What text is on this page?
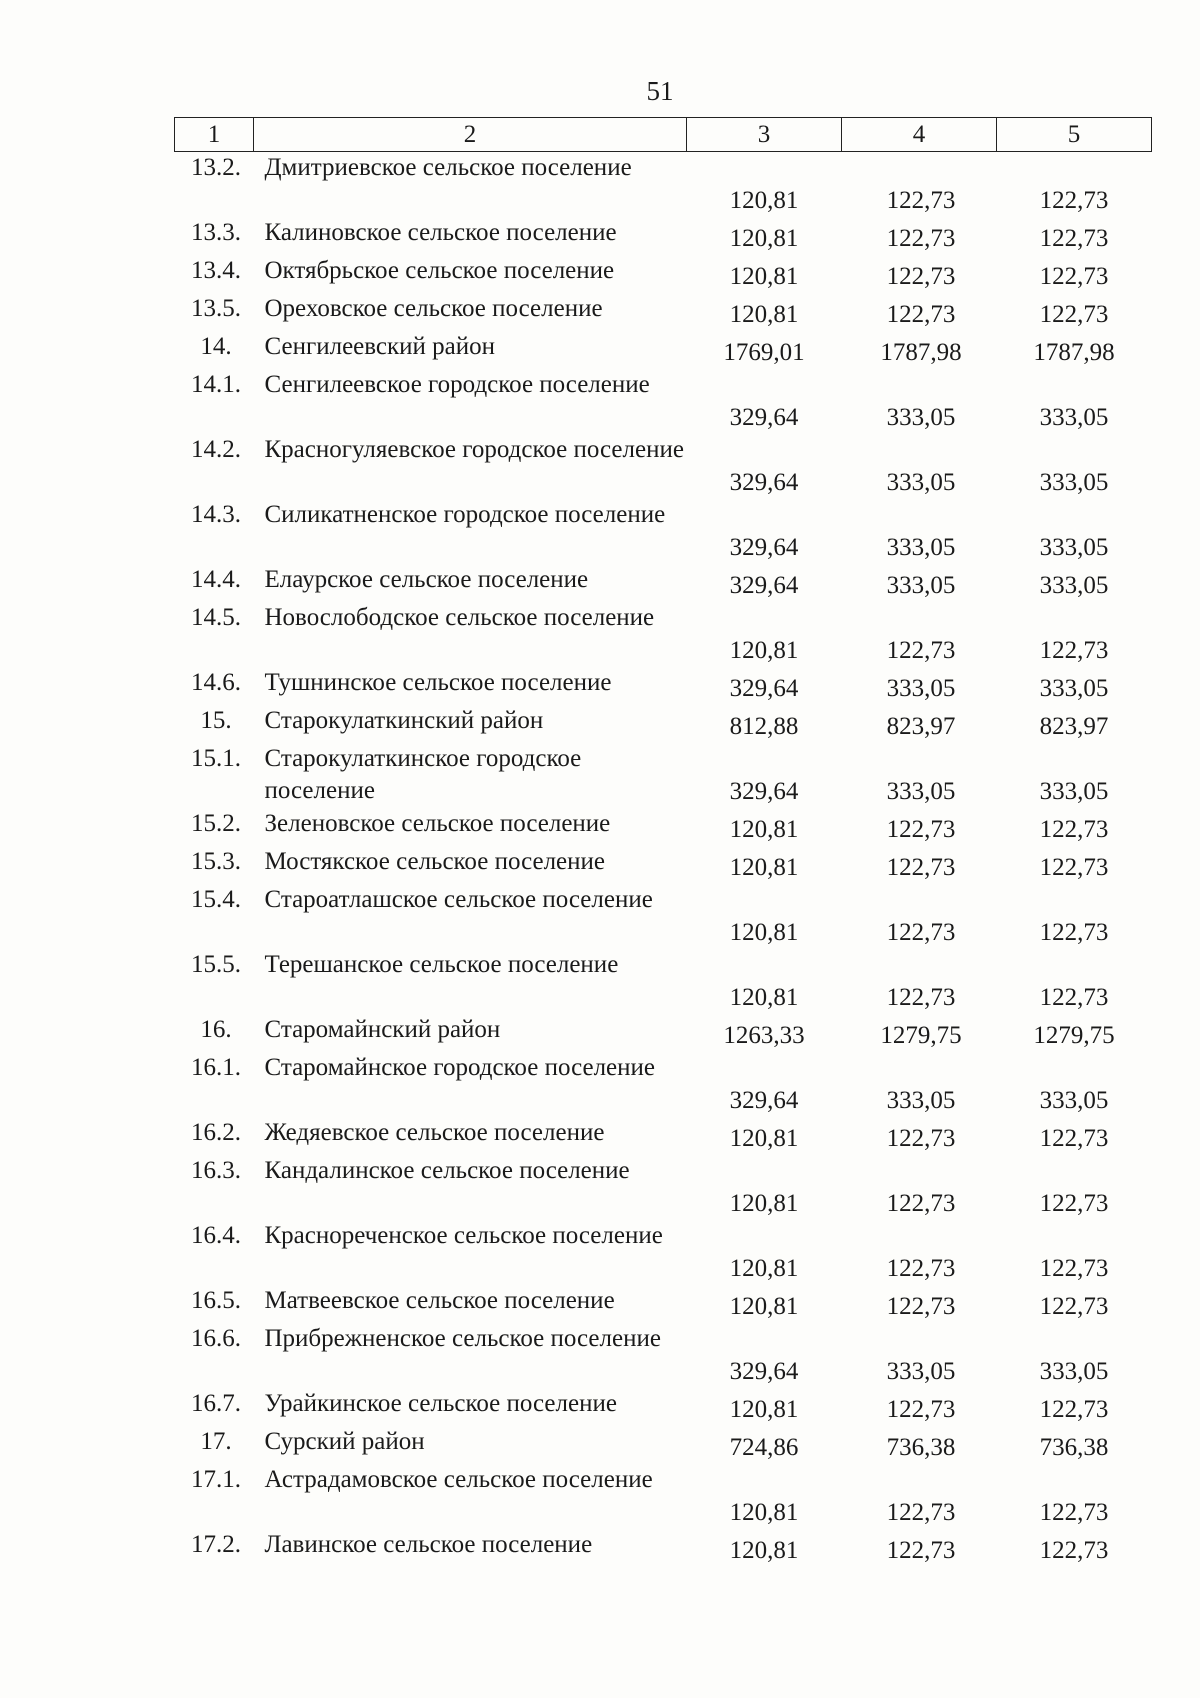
51
1	2	3	4	5
13.2.	Дмитриевское сельское поселение	120,81	122,73	122,73
13.3.	Калиновское сельское поселение	120,81	122,73	122,73
13.4.	Октябрьское сельское поселение	120,81	122,73	122,73
13.5.	Ореховское сельское поселение	120,81	122,73	122,73
14.	Сенгилеевский район	1769,01	1787,98	1787,98
14.1.	Сенгилеевское городское поселение	329,64	333,05	333,05
14.2.	Красногуляевское городское поселение	329,64	333,05	333,05
14.3.	Силикатненское городское поселение	329,64	333,05	333,05
14.4.	Елаурское сельское поселение	329,64	333,05	333,05
14.5.	Новослободское сельское поселение	120,81	122,73	122,73
14.6.	Тушнинское сельское поселение	329,64	333,05	333,05
15.	Старокулаткинский район	812,88	823,97	823,97
15.1.	Старокулаткинское городское поселение	329,64	333,05	333,05
15.2.	Зеленовское сельское поселение	120,81	122,73	122,73
15.3.	Мостякское сельское поселение	120,81	122,73	122,73
15.4.	Староатлашское сельское поселение	120,81	122,73	122,73
15.5.	Терешанское сельское поселение	120,81	122,73	122,73
16.	Старомайнский район	1263,33	1279,75	1279,75
16.1.	Старомайнское городское поселение	329,64	333,05	333,05
16.2.	Жедяевское сельское поселение	120,81	122,73	122,73
16.3.	Кандалинское сельское поселение	120,81	122,73	122,73
16.4.	Краснореченское сельское поселение	120,81	122,73	122,73
16.5.	Матвеевское сельское поселение	120,81	122,73	122,73
16.6.	Прибрежненское сельское поселение	329,64	333,05	333,05
16.7.	Урайкинское сельское поселение	120,81	122,73	122,73
17.	Сурский район	724,86	736,38	736,38
17.1.	Астрадамовское сельское поселение	120,81	122,73	122,73
17.2.	Лавинское сельское поселение	120,81	122,73	122,73
